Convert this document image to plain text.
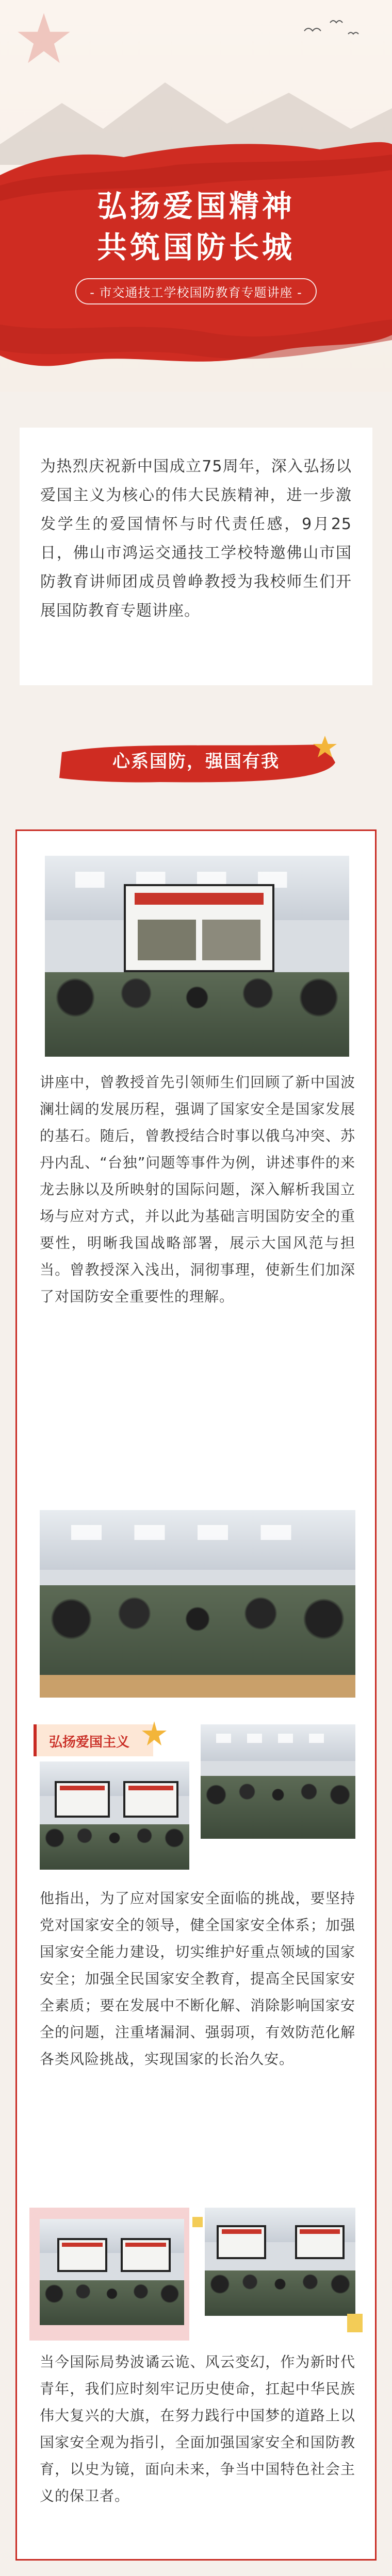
弘扬爱国精神
共筑国防长城
- 市交通技工学校国防教育专题讲座 -

为热烈庆祝新中国成立75周年，深入弘扬以爱国主义为核心的伟大民族精神，进一步激发学生的爱国情怀与时代责任感，9月25日，佛山市鸿运交通技工学校特邀佛山市国防教育讲师团成员曾峥教授为我校师生们开展国防教育专题讲座。

心系国防，强国有我
讲座中，曾教授首先引领师生们回顾了新中国波澜壮阔的发展历程，强调了国家安全是国家发展的基石。随后，曾教授结合时事以俄乌冲突、苏丹内乱、“台独”问题等事件为例，讲述事件的来龙去脉以及所映射的国际问题，深入解析我国立场与应对方式，并以此为基础言明国防安全的重要性，明晰我国战略部署，展示大国风范与担当。曾教授深入浅出，洞彻事理，使新生们加深了对国防安全重要性的理解。
弘扬爱国主义
他指出，为了应对国家安全面临的挑战，要坚持党对国家安全的领导，健全国家安全体系；加强国家安全能力建设，切实维护好重点领域的国家安全；加强全民国家安全教育，提高全民国家安全素质；要在发展中不断化解、消除影响国家安全的问题，注重堵漏洞、强弱项，有效防范化解各类风险挑战，实现国家的长治久安。
当今国际局势波谲云诡、风云变幻，作为新时代青年，我们应时刻牢记历史使命，扛起中华民族伟大复兴的大旗，在努力践行中国梦的道路上以国家安全观为指引，全面加强国家安全和国防教育，以史为镜，面向未来，争当中国特色社会主义的保卫者。
